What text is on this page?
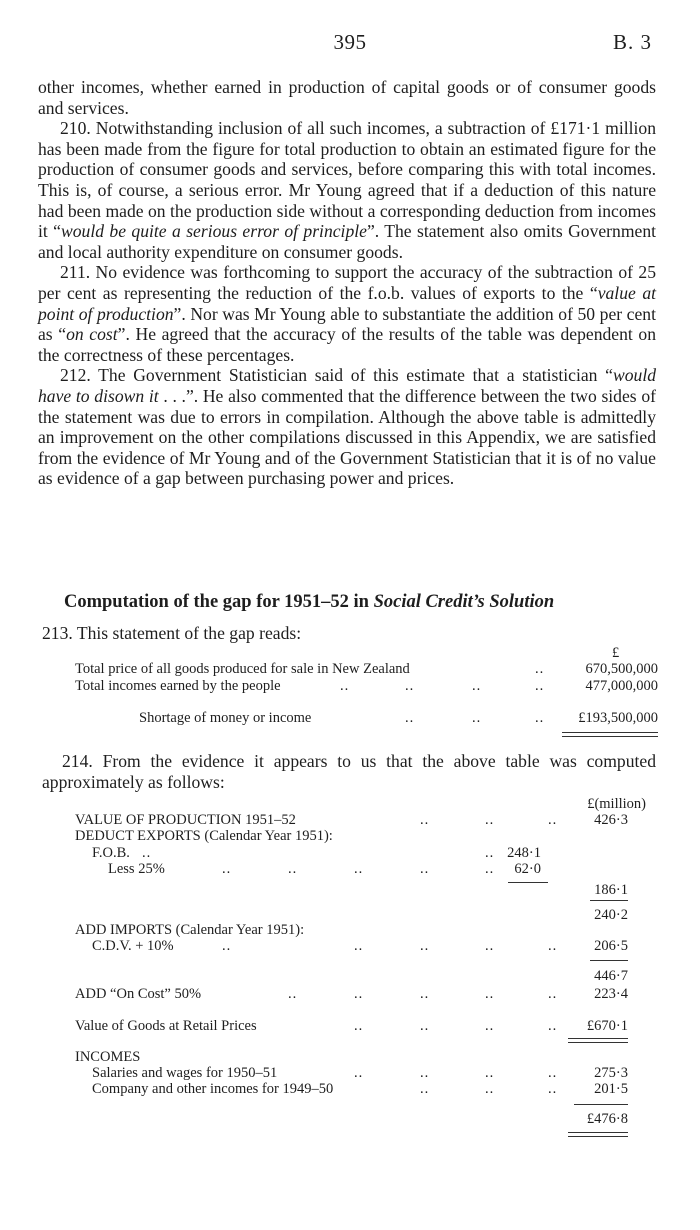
395	B. 3

other incomes, whether earned in production of capital goods or of consumer goods and services.

210. Notwithstanding inclusion of all such incomes, a subtraction of £171·1 million has been made from the figure for total production to obtain an estimated figure for the production of consumer goods and services, before comparing this with total incomes. This is, of course, a serious error. Mr Young agreed that if a deduction of this nature had been made on the production side without a corresponding deduction from incomes it “would be quite a serious error of principle”. The statement also omits Government and local authority expenditure on consumer goods.

211. No evidence was forthcoming to support the accuracy of the subtraction of 25 per cent as representing the reduction of the f.o.b. values of exports to the “value at point of production”. Nor was Mr Young able to substantiate the addition of 50 per cent as “on cost”. He agreed that the accuracy of the results of the table was dependent on the correctness of these percentages.

212. The Government Statistician said of this estimate that a statistician “would have to disown it . . .”. He also commented that the difference between the two sides of the statement was due to errors in compilation. Although the above table is admittedly an improvement on the other compilations discussed in this Appendix, we are satisfied from the evidence of Mr Young and of the Government Statistician that it is of no value as evidence of a gap between purchasing power and prices.

Computation of the gap for 1951–52 in Social Credit’s Solution
213. This statement of the gap reads:
£
Total price of all goods produced for sale in New Zealand	..	670,500,000
Total incomes earned by the people	..	..	..	..	477,000,000
Shortage of money or income	..	..	..	£193,500,000

214. From the evidence it appears to us that the above table was computed approximately as follows:

£(million)
VALUE OF PRODUCTION 1951–52	..	..	..	426·3
DEDUCT EXPORTS (Calendar Year 1951):
F.O.B. ..	.. 248·1
Less 25%	..	..	..	..	..	62·0
186·1
240·2
ADD IMPORTS (Calendar Year 1951):
C.D.V. + 10%	..	..	..	..	..	206·5
446·7
ADD “On Cost” 50%	..	..	..	..	..	223·4
Value of Goods at Retail Prices	..	..	..	..	£670·1
INCOMES
Salaries and wages for 1950–51	..	..	..	..	275·3
Company and other incomes for 1949–50	..	..	..	201·5
£476·8
